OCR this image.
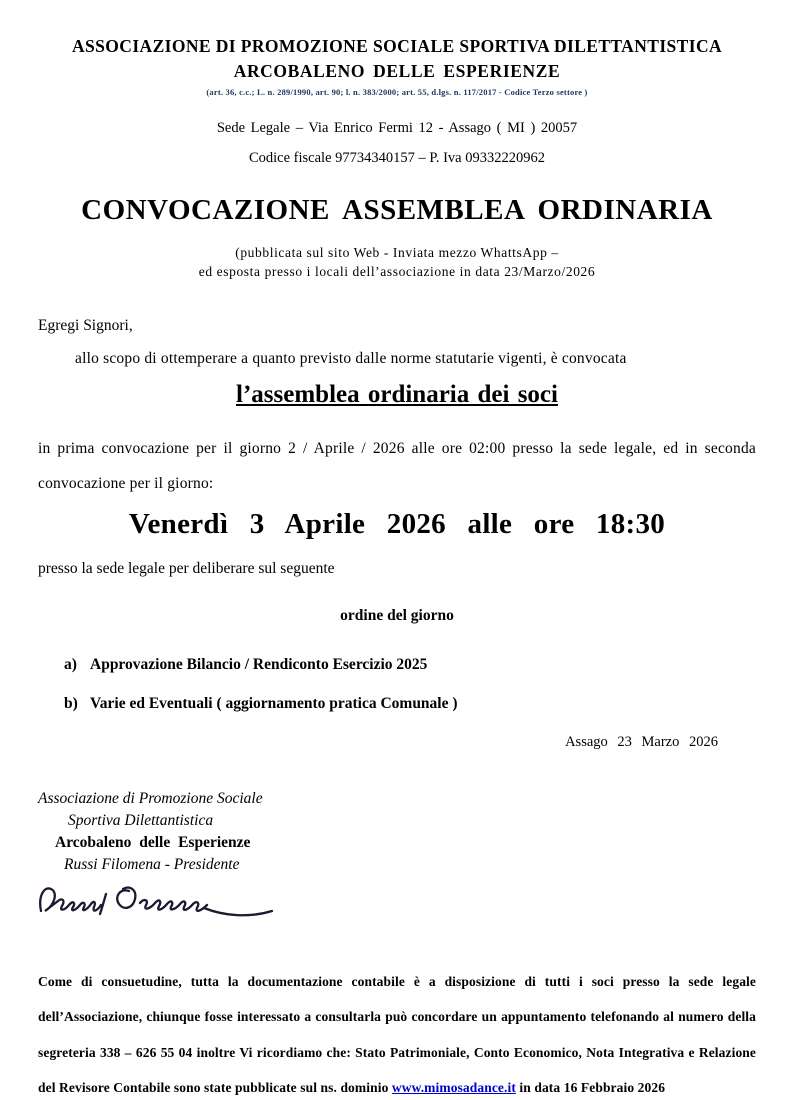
ASSOCIAZIONE DI PROMOZIONE SOCIALE SPORTIVA DILETTANTISTICA
ARCOBALENO DELLE ESPERIENZE
(art. 36, c.c.; L. n. 289/1990, art. 90; l. n. 383/2000; art. 55, d.lgs. n. 117/2017 - Codice Terzo settore )
Sede Legale – Via Enrico Fermi 12 - Assago ( MI ) 20057
Codice fiscale 97734340157 – P. Iva 09332220962
CONVOCAZIONE ASSEMBLEA ORDINARIA
(pubblicata sul sito Web - Inviata mezzo WhattsApp –
ed esposta presso i locali dell’associazione in data 23/Marzo/2026
Egregi Signori,
allo scopo di ottemperare a quanto previsto dalle norme statutarie vigenti, è convocata
l’assemblea ordinaria dei soci
in prima convocazione per il giorno 2 / Aprile / 2026 alle ore 02:00 presso la sede legale, ed in seconda convocazione per il giorno:
Venerdì 3 Aprile 2026 alle ore 18:30
presso la sede legale per deliberare sul seguente
ordine del giorno
a) Approvazione Bilancio / Rendiconto Esercizio 2025
b) Varie ed Eventuali ( aggiornamento pratica Comunale )
Assago 23 Marzo 2026
Associazione di Promozione Sociale
Sportiva Dilettantistica
Arcobaleno delle Esperienze
Russi Filomena - Presidente
Come di consuetudine, tutta la documentazione contabile è a disposizione di tutti i soci presso la sede legale dell’Associazione, chiunque fosse interessato a consultarla può concordare un appuntamento telefonando al numero della segreteria 338 – 626 55 04 inoltre Vi ricordiamo che: Stato Patrimoniale, Conto Economico, Nota Integrativa e Relazione del Revisore Contabile sono state pubblicate sul ns. dominio www.mimosadance.it in data 16 Febbraio 2026
